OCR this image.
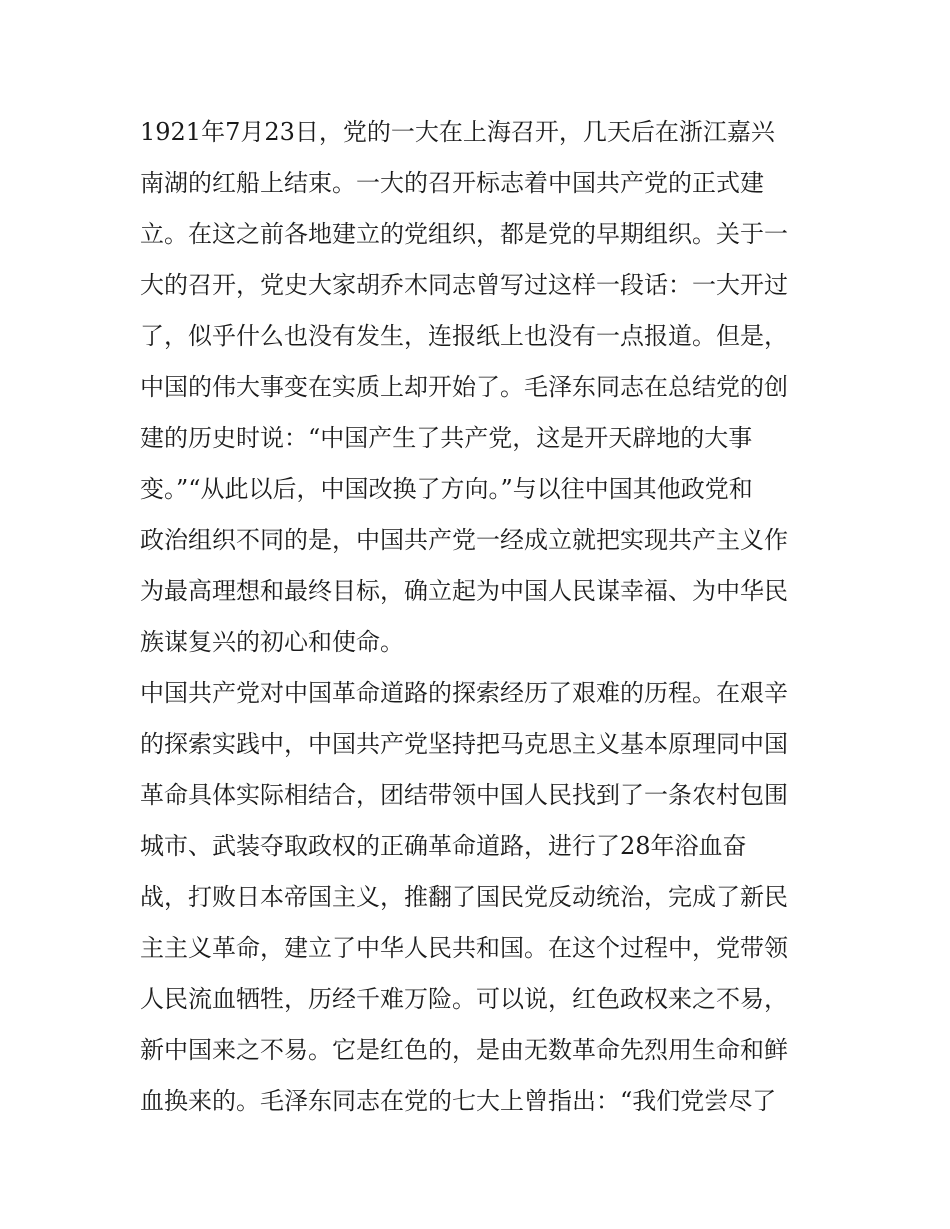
1921年7月23日，党的一大在上海召开，几天后在浙江嘉兴
南湖的红船上结束。一大的召开标志着中国共产党的正式建
立。在这之前各地建立的党组织，都是党的早期组织。关于一
大的召开，党史大家胡乔木同志曾写过这样一段话：一大开过
了，似乎什么也没有发生，连报纸上也没有一点报道。但是，
中国的伟大事变在实质上却开始了。毛泽东同志在总结党的创
建的历史时说：“中国产生了共产党，这是开天辟地的大事
变。”“从此以后，中国改换了方向。”与以往中国其他政党和
政治组织不同的是，中国共产党一经成立就把实现共产主义作
为最高理想和最终目标，确立起为中国人民谋幸福、为中华民
族谋复兴的初心和使命。
中国共产党对中国革命道路的探索经历了艰难的历程。在艰辛
的探索实践中，中国共产党坚持把马克思主义基本原理同中国
革命具体实际相结合，团结带领中国人民找到了一条农村包围
城市、武装夺取政权的正确革命道路，进行了28年浴血奋
战，打败日本帝国主义，推翻了国民党反动统治，完成了新民
主主义革命，建立了中华人民共和国。在这个过程中，党带领
人民流血牺牲，历经千难万险。可以说，红色政权来之不易，
新中国来之不易。它是红色的，是由无数革命先烈用生命和鲜
血换来的。毛泽东同志在党的七大上曾指出：“我们党尝尽了
